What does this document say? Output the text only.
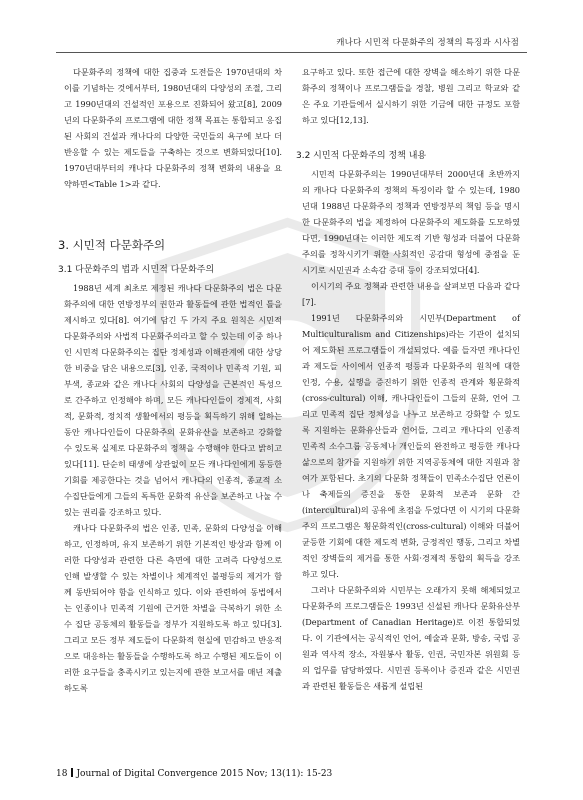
캐나다 시민적 다문화주의 정책의 특징과 시사점

다문화주의 정책에 대한 집중과 도전들은 1970년대의 차이를 기념하는 것에서부터, 1980년대의 다양성의 조절, 그리고 1990년대의 건설적인 포용으로 진화되어 왔고[8], 2009년의 다문화주의 프로그램에 대한 정책 목표는 통합되고 응집된 사회의 건설과 캐나다의 다양한 국민들의 욕구에 보다 더 반응할 수 있는 제도들을 구축하는 것으로 변화되었다[10]. 1970년대부터의 캐나다 다문화주의 정책 변화의 내용을 요약하면<Table 1>과 같다.

3. 시민적 다문화주의
3.1 다문화주의 법과 시민적 다문화주의

1988년 세계 최초로 제정된 캐나다 다문화주의 법은 다문화주의에 대한 연방정부의 권한과 활동들에 관한 법적인 틀을 제시하고 있다[8]. 여기에 담긴 두 가지 주요 원칙은 시민적 다문화주의와 사법적 다문화주의라고 할 수 있는데 이중 하나인 시민적 다문화주의는 집단 정체성과 이해관계에 대한 상당한 비중을 담은 내용으로[3], 인종, 국적이나 민족적 기원, 피부색, 종교와 같은 캐나다 사회의 다양성을 근본적인 특성으로 간주하고 인정해야 하며, 모든 캐나다인들이 경제적, 사회적, 문화적, 정치적 생활에서의 평등을 획득하기 위해 일하는 동안 캐나다인들이 다문화주의 문화유산을 보존하고 강화할 수 있도록 실제로 다문화주의 정책을 수행해야 한다고 밝히고 있다[11]. 단순히 태생에 상관없이 모든 캐나다인에게 동등한 기회를 제공한다는 것을 넘어서 캐나다의 인종적, 종교적 소수집단들에게 그들의 독특한 문화적 유산을 보존하고 나눌 수 있는 권리를 강조하고 있다.

캐나다 다문화주의 법은 인종, 민족, 문화의 다양성을 이해하고, 인정하며, 유지 보존하기 위한 기본적인 방상과 함께 이러한 다양성과 관련한 다른 측면에 대한 고려즉 다양성으로 인해 발생할 수 있는 차별이나 체계적인 불평등의 제거가 함께 동반되어야 함을 인식하고 있다. 이와 관련하여 동법에서는 인종이나 민족적 기원에 근거한 차별을 극복하기 위한 소수 집단 공동체의 활동들을 정부가 지원하도록 하고 있다[3]. 그리고 모든 정부 제도들이 다문화적 현실에 민감하고 반응적으로 대응하는 활동들을 수행하도록 하고 수행된 제도들이 이러한 요구들을 충족시키고 있는지에 관한 보고서를 매년 제출하도록

요구하고 있다. 또한 접근에 대한 장벽을 해소하기 위한 다문화주의 정책이나 프로그램들을 경찰, 병원 그리고 학교와 같은 주요 기관들에서 실시하기 위한 기금에 대한 규정도 포함하고 있다[12,13].

3.2 시민적 다문화주의 정책 내용

시민적 다문화주의는 1990년대부터 2000년대 초반까지의 캐나다 다문화주의 정책의 특징이라 할 수 있는데, 1980년대 1988년 다문화주의 정책과 연방정부의 책임 등을 명시한 다문화주의 법을 제정하여 다문화주의 제도화를 도모하였다면, 1990년대는 이러한 제도적 기반 형성과 더불어 다문화주의를 정착시키기 위한 사회적인 공감대 형성에 중점을 둔 시기로 시민권과 소속감 증대 등이 강조되었다[4].

이시기의 주요 정책과 관련한 내용을 살펴보면 다음과 같다[7].

1991년 다문화주의와 시민부(Department of Multiculturalism and Citizenships)라는 기관이 설치되어 제도화된 프로그램들이 개설되었다. 예를 들자면 캐나다인과 제도들 사이에서 인종적 평등과 다문화주의 원칙에 대한 인정, 수용, 실행을 증진하기 위한 인종적 관계와 횡문화적(cross-cultural) 이해, 캐나다인들이 그들의 문화, 언어 그리고 민족적 집단 정체성을 나누고 보존하고 강화할 수 있도록 지원하는 문화유산들과 언어들, 그리고 캐나다의 인종적 민족적 소수그룹 공동체나 개인들의 완전하고 평등한 캐나다 삶으로의 참가를 지원하기 위한 지역공동체에 대한 지원과 참여가 포함된다. 초기의 다문화 정책들이 민족소수집단 언론이나 축제들의 증진을 통한 문화적 보존과 문화 간(intercultural)의 공유에 초점을 두었다면 이 시기의 다문화주의 프로그램은 횡문화적인(cross-cultural) 이해와 더불어 균등한 기회에 대한 제도적 변화, 긍정적인 행동, 그리고 차별적인 장벽들의 제거를 통한 사회·경제적 통합의 획득을 강조하고 있다.

그러나 다문화주의와 시민부는 오래가지 못해 해체되었고 다문화주의 프로그램들은 1993년 신설된 캐나다 문화유산부(Department of Canadian Heritage)로 이전 통합되었다. 이 기관에서는 공식적인 언어, 예술과 문화, 방송, 국립 공원과 역사적 장소, 자원봉사 활동, 인권, 국민자본 위원회 등의 업무를 담당하였다. 시민권 등록이나 증진과 같은 시민권과 관련된 활동들은 새롭게 설립된

18 Journal of Digital Convergence 2015 Nov; 13(11): 15-23
